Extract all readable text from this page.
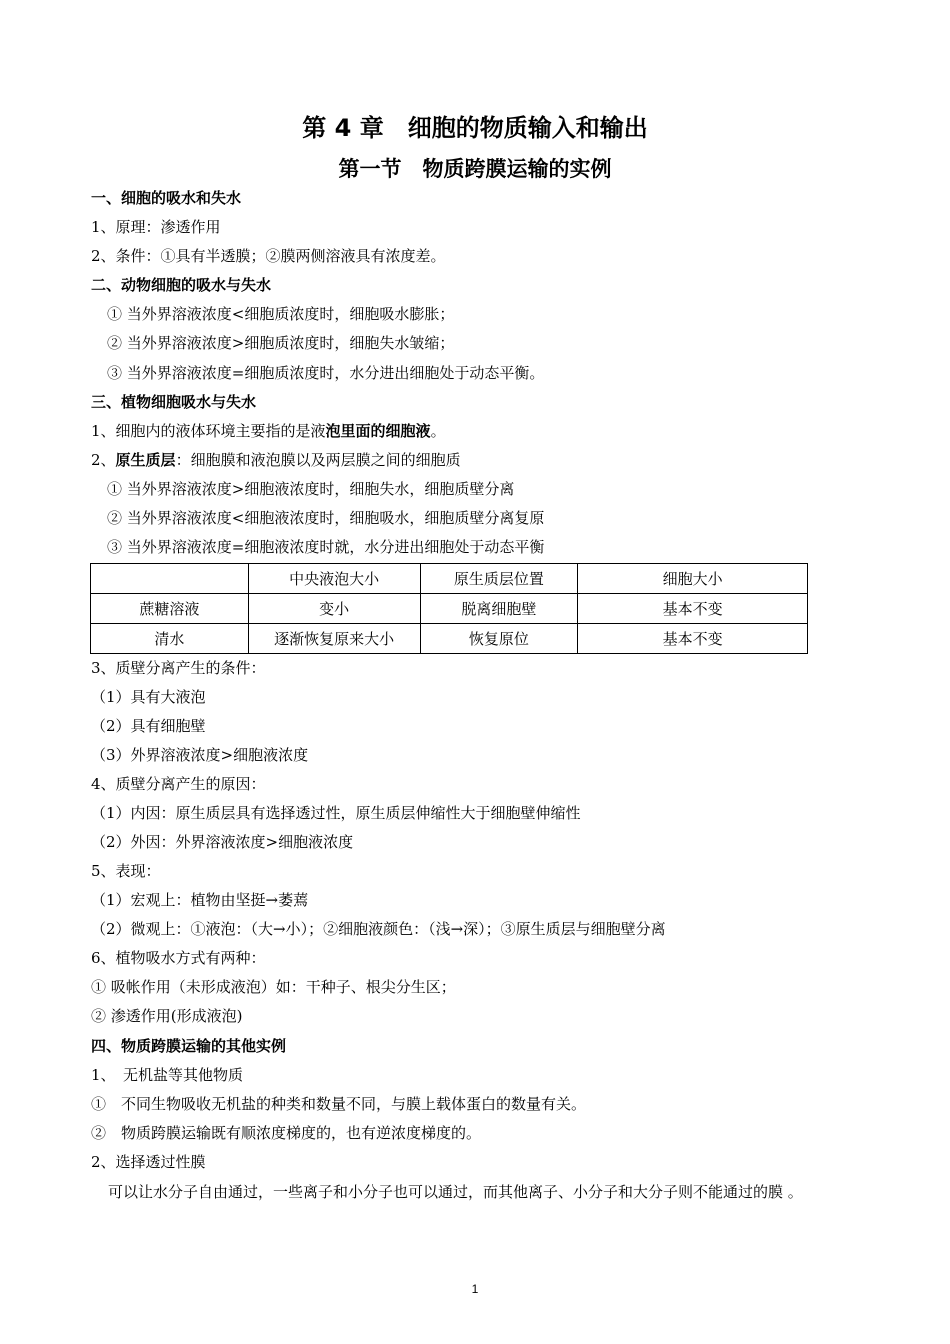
第 4 章　细胞的物质输入和输出
第一节　物质跨膜运输的实例
一、细胞的吸水和失水
1、原理：渗透作用
2、条件：①具有半透膜；②膜两侧溶液具有浓度差。
二、动物细胞的吸水与失水
① 当外界溶液浓度<细胞质浓度时，细胞吸水膨胀；
② 当外界溶液浓度>细胞质浓度时，细胞失水皱缩；
③ 当外界溶液浓度=细胞质浓度时，水分进出细胞处于动态平衡。
三、植物细胞吸水与失水
1、细胞内的液体环境主要指的是液泡里面的细胞液。
2、原生质层：细胞膜和液泡膜以及两层膜之间的细胞质
① 当外界溶液浓度>细胞液浓度时，细胞失水，细胞质壁分离
② 当外界溶液浓度<细胞液浓度时，细胞吸水，细胞质壁分离复原
③ 当外界溶液浓度=细胞液浓度时就，水分进出细胞处于动态平衡
	中央液泡大小	原生质层位置	细胞大小
蔗糖溶液	变小	脱离细胞壁	基本不变
清水	逐渐恢复原来大小	恢复原位	基本不变
3、质壁分离产生的条件：
（1）具有大液泡
（2）具有细胞壁
（3）外界溶液浓度>细胞液浓度
4、质壁分离产生的原因：
（1）内因：原生质层具有选择透过性，原生质层伸缩性大于细胞壁伸缩性
（2）外因：外界溶液浓度>细胞液浓度
5、表现：
（1）宏观上：植物由坚挺→萎蔫
（2）微观上：①液泡：（大→小）；②细胞液颜色：（浅→深）；③原生质层与细胞壁分离
6、植物吸水方式有两种：
① 吸帐作用（未形成液泡）如：干种子、根尖分生区；
② 渗透作用(形成液泡)
四、物质跨膜运输的其他实例
1、　无机盐等其他物质
①　不同生物吸收无机盐的种类和数量不同，与膜上载体蛋白的数量有关。
②　物质跨膜运输既有顺浓度梯度的，也有逆浓度梯度的。
2、选择透过性膜
可以让水分子自由通过，一些离子和小分子也可以通过，而其他离子、小分子和大分子则不能通过的膜 。
1
